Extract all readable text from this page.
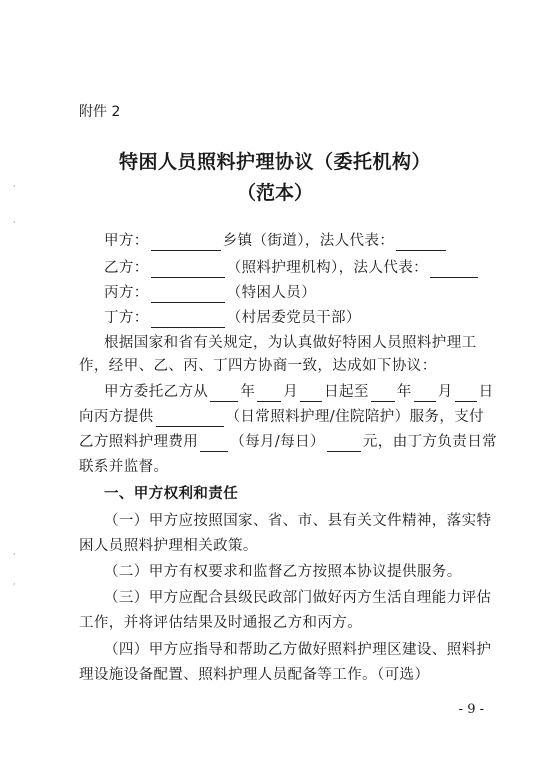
·
·
·
·
附件 2
特困人员照料护理协议（委托机构）
（范本）
甲方：	乡镇（街道），法人代表：
乙方：	（照料护理机构），法人代表：
丙方：	（特困人员）
丁方：	（村居委党员干部）
根据国家和省有关规定，为认真做好特困人员照料护理工
作，经甲、乙、丙、丁四方协商一致，达成如下协议：
甲方委托乙方从 年 月 日起至 年 月 日
向丙方提供	（日常照料护理/住院陪护）服务，支付
乙方照料护理费用 （每月/每日）	元，由丁方负责日常
联系并监督。
一、甲方权利和责任
（一）甲方应按照国家、省、市、县有关文件精神，落实特
困人员照料护理相关政策。
（二）甲方有权要求和监督乙方按照本协议提供服务。
（三）甲方应配合县级民政部门做好丙方生活自理能力评估
工作，并将评估结果及时通报乙方和丙方。
（四）甲方应指导和帮助乙方做好照料护理区建设、照料护
理设施设备配置、照料护理人员配备等工作。（可选）
- 9 -
